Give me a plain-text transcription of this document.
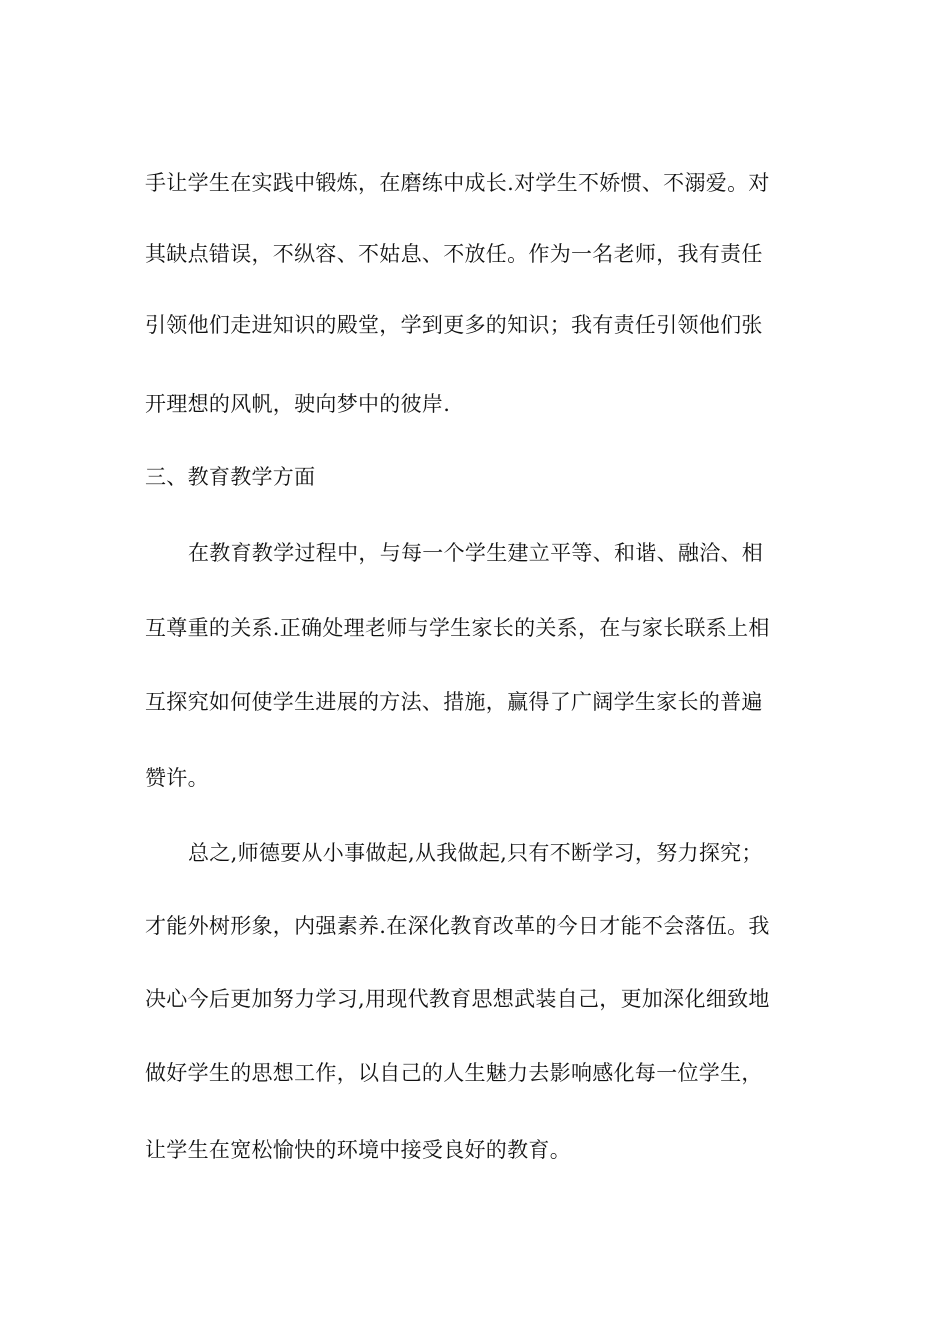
手让学生在实践中锻炼，在磨练中成长.对学生不娇惯、不溺爱。对
其缺点错误，不纵容、不姑息、不放任。作为一名老师，我有责任
引领他们走进知识的殿堂，学到更多的知识；我有责任引领他们张
开理想的风帆，驶向梦中的彼岸.
三、教育教学方面
在教育教学过程中，与每一个学生建立平等、和谐、融洽、相
互尊重的关系.正确处理老师与学生家长的关系，在与家长联系上相
互探究如何使学生进展的方法、措施，赢得了广阔学生家长的普遍
赞许。
总之,师德要从小事做起,从我做起,只有不断学习，努力探究；
才能外树形象，内强素养.在深化教育改革的今日才能不会落伍。我
决心今后更加努力学习,用现代教育思想武装自己，更加深化细致地
做好学生的思想工作，以自己的人生魅力去影响感化每一位学生，
让学生在宽松愉快的环境中接受良好的教育。
